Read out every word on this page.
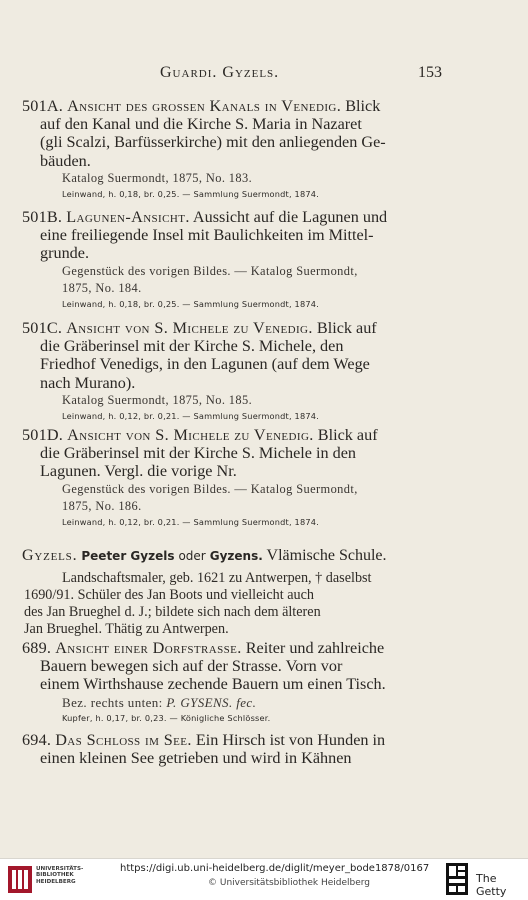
Guardi. Gyzels.	153
501A. Ansicht des grossen Kanals in Venedig. Blick
auf den Kanal und die Kirche S. Maria in Nazaret
(gli Scalzi, Barfüsserkirche) mit den anliegenden Ge-
bäuden.
Katalog Suermondt, 1875, No. 183.
Leinwand, h. 0,18, br. 0,25. — Sammlung Suermondt, 1874.
501B. Lagunen-Ansicht. Aussicht auf die Lagunen und
eine freiliegende Insel mit Baulichkeiten im Mittel-
grunde.
Gegenstück des vorigen Bildes. — Katalog Suermondt,
1875, No. 184.
Leinwand, h. 0,18, br. 0,25. — Sammlung Suermondt, 1874.
501C. Ansicht von S. Michele zu Venedig. Blick auf
die Gräberinsel mit der Kirche S. Michele, den
Friedhof Venedigs, in den Lagunen (auf dem Wege
nach Murano).
Katalog Suermondt, 1875, No. 185.
Leinwand, h. 0,12, br. 0,21. — Sammlung Suermondt, 1874.
501D. Ansicht von S. Michele zu Venedig. Blick auf
die Gräberinsel mit der Kirche S. Michele in den
Lagunen. Vergl. die vorige Nr.
Gegenstück des vorigen Bildes. — Katalog Suermondt,
1875, No. 186.
Leinwand, h. 0,12, br. 0,21. — Sammlung Suermondt, 1874.
Gyzels. Peeter Gyzels oder Gyzens. Vlämische Schule.
Landschaftsmaler, geb. 1621 zu Antwerpen, † daselbst
1690/91. Schüler des Jan Boots und vielleicht auch
des Jan Brueghel d. J.; bildete sich nach dem älteren
Jan Brueghel. Thätig zu Antwerpen.
689. Ansicht einer Dorfstrasse. Reiter und zahlreiche
Bauern bewegen sich auf der Strasse. Vorn vor
einem Wirthshause zechende Bauern um einen Tisch.
Bez. rechts unten: P. GYSENS. fec.
Kupfer, h. 0,17, br. 0,23. — Königliche Schlösser.
694. Das Schloss im See. Ein Hirsch ist von Hunden in
einen kleinen See getrieben und wird in Kähnen
UNIVERSITÄTS-
BIBLIOTHEK
HEIDELBERG
https://digi.ub.uni-heidelberg.de/diglit/meyer_bode1878/0167
© Universitätsbibliothek Heidelberg	The Getty
